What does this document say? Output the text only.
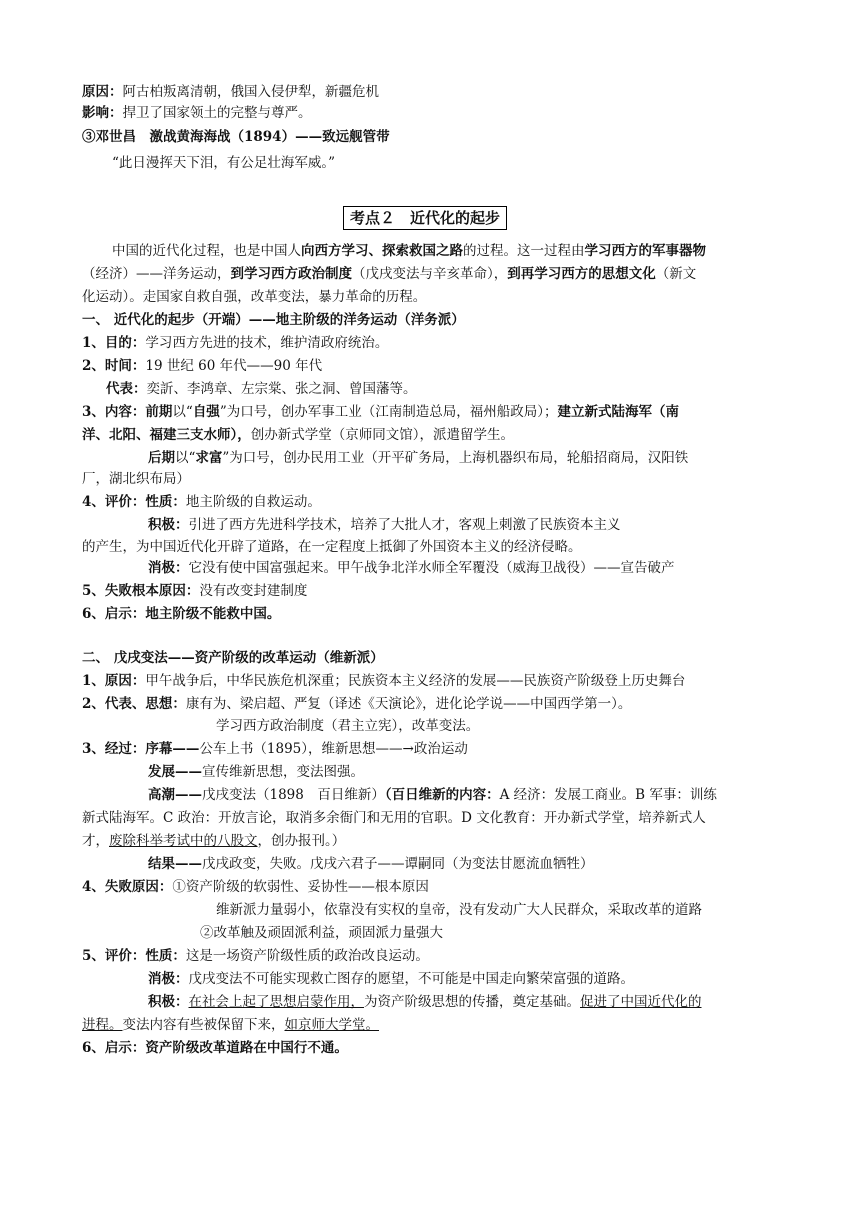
原因：阿古柏叛离清朝，俄国入侵伊犁，新疆危机
影响：捍卫了国家领土的完整与尊严。
③邓世昌　激战黄海海战（1894）——致远舰管带
“此日漫挥天下泪，有公足壮海军威。”
考点２　近代化的起步
中国的近代化过程，也是中国人向西方学习、探索救国之路的过程。这一过程由学习西方的军事器物
（经济）——洋务运动，到学习西方政治制度（戊戌变法与辛亥革命），到再学习西方的思想文化（新文
化运动）。走国家自救自强，改革变法，暴力革命的历程。
一、 近代化的起步（开端）——地主阶级的洋务运动（洋务派）
1、目的：学习西方先进的技术，维护清政府统治。
2、时间：19 世纪 60 年代——90 年代
代表：奕訢、李鸿章、左宗棠、张之洞、曾国藩等。
3、内容：前期以“自强”为口号，创办军事工业（江南制造总局，福州船政局）；建立新式陆海军（南
洋、北阳、福建三支水师），创办新式学堂（京师同文馆），派遣留学生。
后期以“求富”为口号，创办民用工业（开平矿务局，上海机器织布局，轮船招商局，汉阳铁
厂，湖北织布局）
4、评价：性质：地主阶级的自救运动。
积极：引进了西方先进科学技术，培养了大批人才，客观上刺激了民族资本主义
的产生，为中国近代化开辟了道路，在一定程度上抵御了外国资本主义的经济侵略。
消极：它没有使中国富强起来。甲午战争北洋水师全军覆没（威海卫战役）——宣告破产
5、失败根本原因：没有改变封建制度
6、启示：地主阶级不能救中国。
二、 戊戌变法——资产阶级的改革运动（维新派）
1、原因：甲午战争后，中华民族危机深重；民族资本主义经济的发展——民族资产阶级登上历史舞台
2、代表、思想：康有为、梁启超、严复（译述《天演论》，进化论学说——中国西学第一）。
学习西方政治制度（君主立宪），改革变法。
3、经过：序幕——公车上书（1895），维新思想——→政治运动
发展——宣传维新思想，变法图强。
高潮——戊戌变法（1898　百日维新）（百日维新的内容：A 经济：发展工商业。B 军事：训练
新式陆海军。C 政治：开放言论，取消多余衙门和无用的官职。D 文化教育：开办新式学堂，培养新式人
才，废除科举考试中的八股文，创办报刊。）
结果——戊戌政变，失败。戊戌六君子——谭嗣同（为变法甘愿流血牺牲）
4、失败原因：①资产阶级的软弱性、妥协性——根本原因
维新派力量弱小，依靠没有实权的皇帝，没有发动广大人民群众，采取改革的道路
②改革触及顽固派利益，顽固派力量强大
5、评价：性质：这是一场资产阶级性质的政治改良运动。
消极：戊戌变法不可能实现救亡图存的愿望，不可能是中国走向繁荣富强的道路。
积极：在社会上起了思想启蒙作用，为资产阶级思想的传播，奠定基础。促进了中国近代化的
进程。变法内容有些被保留下来，如京师大学堂。
6、启示：资产阶级改革道路在中国行不通。
